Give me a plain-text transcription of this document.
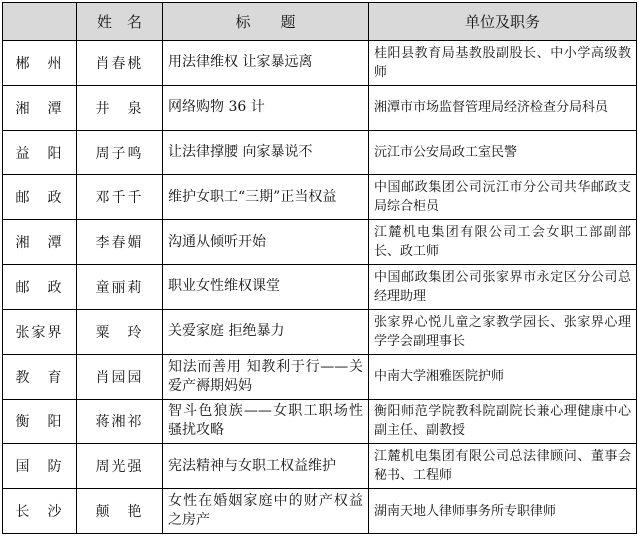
	姓　名	标　　题	单位及职务
郴　州	肖春桃	用法律维权 让家暴远离	桂阳县教育局基教股副股长、中小学高级教师
湘　潭	井　泉	网络购物 36 计	湘潭市市场监督管理局经济检查分局科员
益　阳	周子鸣	让法律撑腰 向家暴说不	沅江市公安局政工室民警
邮　政	邓千千	维护女职工“三期”正当权益	中国邮政集团公司沅江市分公司共华邮政支局综合柜员
湘　潭	李春媚	沟通从倾听开始	江麓机电集团有限公司工会女职工部副部长、政工师
邮　政	童丽莉	职业女性维权课堂	中国邮政集团公司张家界市永定区分公司总经理助理
张家界	粟　玲	关爱家庭 拒绝暴力	张家界心悦儿童之家教学园长、张家界心理学学会副理事长
教　育	肖园园	知法而善用 知教利于行——关爱产褥期妈妈	中南大学湘雅医院护师
衡　阳	蒋湘祁	智斗色狼族——女职工职场性骚扰攻略	衡阳师范学院教科院副院长兼心理健康中心副主任、副教授
国　防	周光强	宪法精神与女职工权益维护	江麓机电集团有限公司总法律顾问、董事会秘书、工程师
长　沙	颠　艳	女性在婚姻家庭中的财产权益之房产	湖南天地人律师事务所专职律师
